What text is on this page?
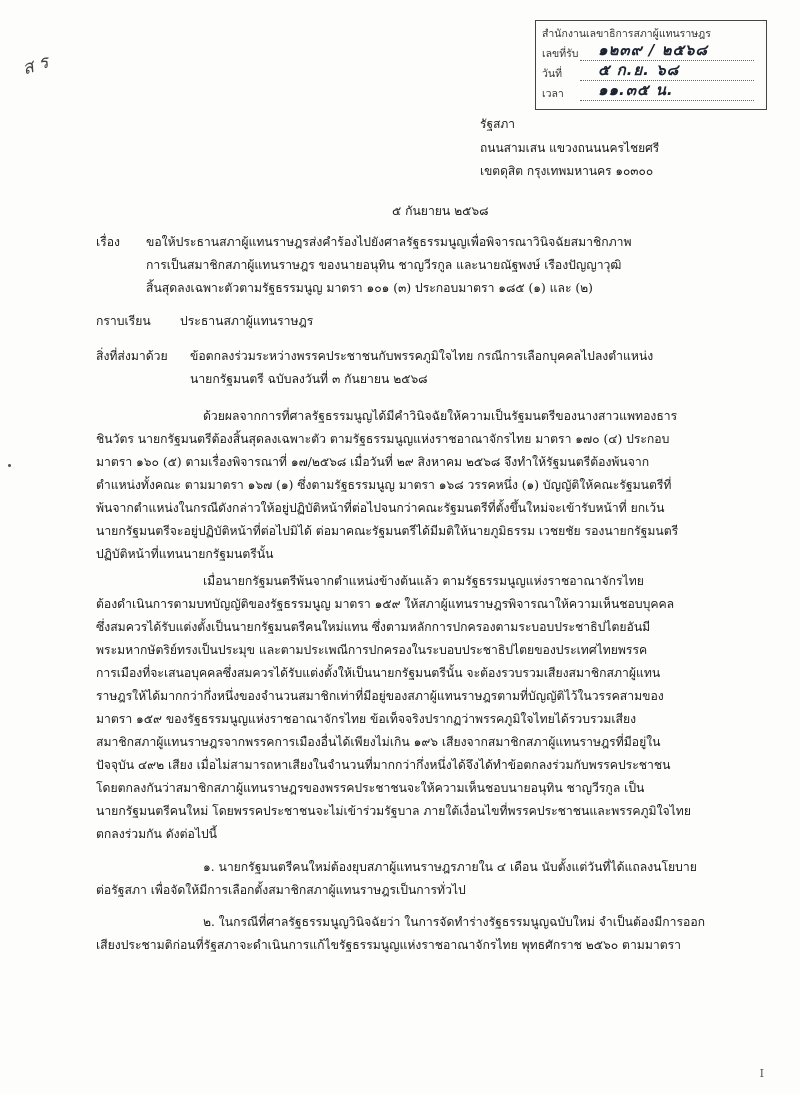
ส ร
สำนักงานเลขาธิการสภาผู้แทนราษฎร
เลขที่รับ ๑๒๓๙ / ๒๕๖๘
วันที่ ๕ ก.ย. ๖๘
เวลา ๑๑.๓๕ น.
รัฐสภา
ถนนสามเสน แขวงถนนนครไชยศรี
เขตดุสิต กรุงเทพมหานคร ๑๐๓๐๐
๕ กันยายน ๒๕๖๘
เรื่อง ขอให้ประธานสภาผู้แทนราษฎรส่งคำร้องไปยังศาลรัฐธรรมนูญเพื่อพิจารณาวินิจฉัยสมาชิกภาพ
การเป็นสมาชิกสภาผู้แทนราษฎร ของนายอนุทิน ชาญวีรกูล และนายณัฐพงษ์ เรืองปัญญาวุฒิ
สิ้นสุดลงเฉพาะตัวตามรัฐธรรมนูญ มาตรา ๑๐๑ (๓) ประกอบมาตรา ๑๘๕ (๑) และ (๒)
กราบเรียน ประธานสภาผู้แทนราษฎร
สิ่งที่ส่งมาด้วย ข้อตกลงร่วมระหว่างพรรคประชาชนกับพรรคภูมิใจไทย กรณีการเลือกบุคคลไปลงตำแหน่ง
นายกรัฐมนตรี ฉบับลงวันที่ ๓ กันยายน ๒๕๖๘
ด้วยผลจากการที่ศาลรัฐธรรมนูญได้มีคำวินิจฉัยให้ความเป็นรัฐมนตรีของนางสาวแพทองธาร
ชินวัตร นายกรัฐมนตรีต้องสิ้นสุดลงเฉพาะตัว ตามรัฐธรรมนูญแห่งราชอาณาจักรไทย มาตรา ๑๗๐ (๔) ประกอบ
มาตรา ๑๖๐ (๕) ตามเรื่องพิจารณาที่ ๑๗/๒๕๖๘ เมื่อวันที่ ๒๙ สิงหาคม ๒๕๖๘ จึงทำให้รัฐมนตรีต้องพ้นจาก
ตำแหน่งทั้งคณะ ตามมาตรา ๑๖๗ (๑) ซึ่งตามรัฐธรรมนูญ มาตรา ๑๖๘ วรรคหนึ่ง (๑) บัญญัติให้คณะรัฐมนตรีที่
พ้นจากตำแหน่งในกรณีดังกล่าวให้อยู่ปฏิบัติหน้าที่ต่อไปจนกว่าคณะรัฐมนตรีที่ตั้งขึ้นใหม่จะเข้ารับหน้าที่ ยกเว้น
นายกรัฐมนตรีจะอยู่ปฏิบัติหน้าที่ต่อไปมิได้ ต่อมาคณะรัฐมนตรีได้มีมติให้นายภูมิธรรม เวชยชัย รองนายกรัฐมนตรี
ปฏิบัติหน้าที่แทนนายกรัฐมนตรีนั้น
เมื่อนายกรัฐมนตรีพ้นจากตำแหน่งข้างต้นแล้ว ตามรัฐธรรมนูญแห่งราชอาณาจักรไทย
ต้องดำเนินการตามบทบัญญัติของรัฐธรรมนูญ มาตรา ๑๕๙ ให้สภาผู้แทนราษฎรพิจารณาให้ความเห็นชอบบุคคล
ซึ่งสมควรได้รับแต่งตั้งเป็นนายกรัฐมนตรีคนใหม่แทน ซึ่งตามหลักการปกครองตามระบอบประชาธิปไตยอันมี
พระมหากษัตริย์ทรงเป็นประมุข และตามประเพณีการปกครองในระบอบประชาธิปไตยของประเทศไทยพรรค
การเมืองที่จะเสนอบุคคลซึ่งสมควรได้รับแต่งตั้งให้เป็นนายกรัฐมนตรีนั้น จะต้องรวบรวมเสียงสมาชิกสภาผู้แทน
ราษฎรให้ได้มากกว่ากึ่งหนึ่งของจำนวนสมาชิกเท่าที่มีอยู่ของสภาผู้แทนราษฎรตามที่บัญญัติไว้ในวรรคสามของ
มาตรา ๑๕๙ ของรัฐธรรมนูญแห่งราชอาณาจักรไทย ข้อเท็จจริงปรากฏว่าพรรคภูมิใจไทยได้รวบรวมเสียง
สมาชิกสภาผู้แทนราษฎรจากพรรคการเมืองอื่นได้เพียงไม่เกิน ๑๙๖ เสียงจากสมาชิกสภาผู้แทนราษฎรที่มีอยู่ใน
ปัจจุบัน ๔๙๒ เสียง เมื่อไม่สามารถหาเสียงในจำนวนที่มากกว่ากึ่งหนึ่งได้จึงได้ทำข้อตกลงร่วมกับพรรคประชาชน
โดยตกลงกันว่าสมาชิกสภาผู้แทนราษฎรของพรรคประชาชนจะให้ความเห็นชอบนายอนุทิน ชาญวีรกูล เป็น
นายกรัฐมนตรีคนใหม่ โดยพรรคประชาชนจะไม่เข้าร่วมรัฐบาล ภายใต้เงื่อนไขที่พรรคประชาชนและพรรคภูมิใจไทย
ตกลงร่วมกัน ดังต่อไปนี้
๑. นายกรัฐมนตรีคนใหม่ต้องยุบสภาผู้แทนราษฎรภายใน ๔ เดือน นับตั้งแต่วันที่ได้แถลงนโยบาย
ต่อรัฐสภา เพื่อจัดให้มีการเลือกตั้งสมาชิกสภาผู้แทนราษฎรเป็นการทั่วไป
๒. ในกรณีที่ศาลรัฐธรรมนูญวินิจฉัยว่า ในการจัดทำร่างรัฐธรรมนูญฉบับใหม่ จำเป็นต้องมีการออก
เสียงประชามติก่อนที่รัฐสภาจะดำเนินการแก้ไขรัฐธรรมนูญแห่งราชอาณาจักรไทย พุทธศักราช ๒๕๖๐ ตามมาตรา
I
